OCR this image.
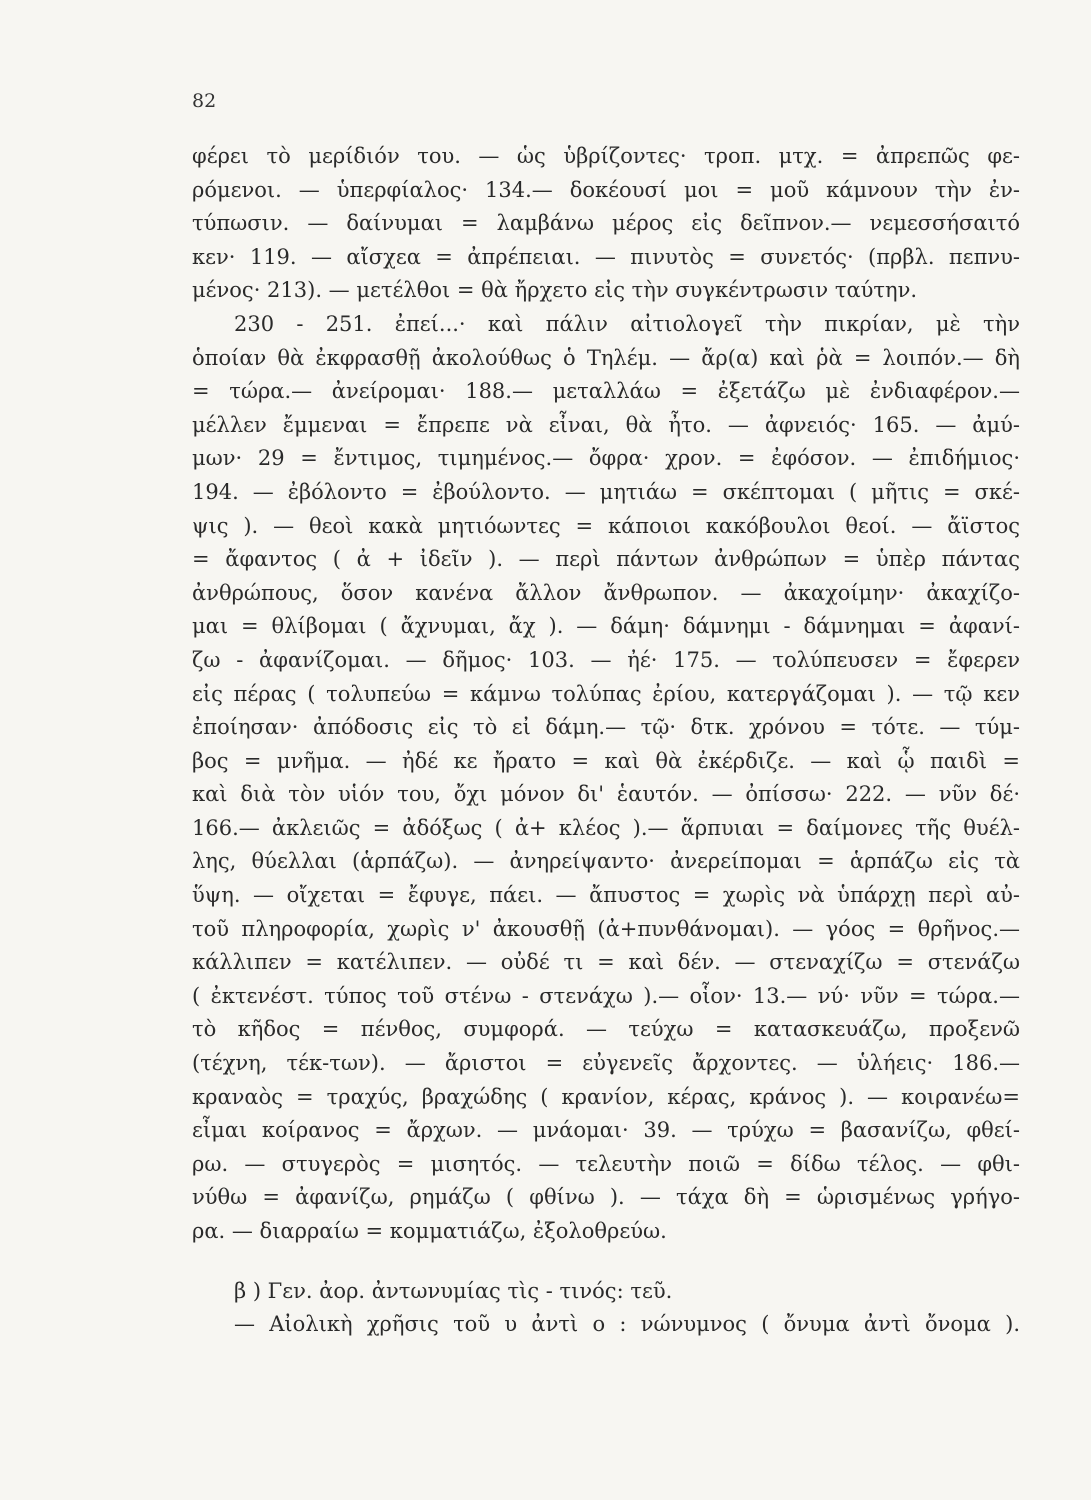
82
φέρει τὸ μερίδιόν του. — ὡς ὑβρίζοντες· τροπ. μτχ. = ἀπρεπῶς φε-
ρόμενοι. — ὑπερφίαλος· 134.— δοκέουσί μοι = μοῦ κάμνουν τὴν ἐν-
τύπωσιν. — δαίνυμαι = λαμβάνω μέρος εἰς δεῖπνον.— νεμεσσήσαιτό
κεν· 119. — αἴσχεα = ἀπρέπειαι. — πινυτὸς = συνετός· (πρβλ. πεπνυ-
μένος· 213). — μετέλθοι = θὰ ἤρχετο εἰς τὴν συγκέντρωσιν ταύτην.
230 - 251. ἐπεί...· καὶ πάλιν αἰτιολογεῖ τὴν πικρίαν, μὲ τὴν
ὁποίαν θὰ ἐκφρασθῇ ἀκολούθως ὁ Τηλέμ. — ἄρ(α) καὶ ῥὰ = λοιπόν.— δὴ
= τώρα.— ἀνείρομαι· 188.— μεταλλάω = ἐξετάζω μὲ ἐνδιαφέρον.—
μέλλεν ἔμμεναι = ἔπρεπε νὰ εἶναι, θὰ ἦτο. — ἀφνειός· 165. — ἀμύ-
μων· 29 = ἔντιμος, τιμημένος.— ὄφρα· χρον. = ἐφόσον. — ἐπιδήμιος·
194. — ἐβόλοντο = ἐβούλοντο. — μητιάω = σκέπτομαι ( μῆτις = σκέ-
ψις ). — θεοὶ κακὰ μητιόωντες = κάποιοι κακόβουλοι θεοί. — ἄϊστος
= ἄφαντος ( ἀ + ἰδεῖν ). — περὶ πάντων ἀνθρώπων = ὑπὲρ πάντας
ἀνθρώπους, ὅσον κανένα ἄλλον ἄνθρωπον. — ἀκαχοίμην· ἀκαχίζο-
μαι = θλίβομαι ( ἄχνυμαι, ἄχ ). — δάμη· δάμνημι - δάμνημαι = ἀφανί-
ζω - ἀφανίζομαι. — δῆμος· 103. — ἠέ· 175. — τολύπευσεν = ἔφερεν
εἰς πέρας ( τολυπεύω = κάμνω τολύπας ἐρίου, κατεργάζομαι ). — τῷ κεν
ἐποίησαν· ἀπόδοσις εἰς τὸ εἰ δάμη.— τῷ· δτκ. χρόνου = τότε. — τύμ-
βος = μνῆμα. — ἠδέ κε ἤρατο = καὶ θὰ ἐκέρδιζε. — καὶ ᾧ παιδὶ =
καὶ διὰ τὸν υἱόν του, ὄχι μόνον δι' ἑαυτόν. — ὀπίσσω· 222. — νῦν δέ·
166.— ἀκλειῶς = ἀδόξως ( ἀ+ κλέος ).— ἅρπυιαι = δαίμονες τῆς θυέλ-
λης, θύελλαι (ἁρπάζω). — ἀνηρείψαντο· ἀνερείπομαι = ἁρπάζω εἰς τὰ
ὕψη. — οἴχεται = ἔφυγε, πάει. — ἄπυστος = χωρὶς νὰ ὑπάρχῃ περὶ αὐ-
τοῦ πληροφορία, χωρὶς ν' ἀκουσθῇ (ἀ+πυνθάνομαι). — γόος = θρῆνος.—
κάλλιπεν = κατέλιπεν. — οὐδέ τι = καὶ δέν. — στεναχίζω = στενάζω
( ἐκτενέστ. τύπος τοῦ στένω - στενάχω ).— οἷον· 13.— νύ· νῦν = τώρα.—
τὸ κῆδος = πένθος, συμφορά. — τεύχω = κατασκευάζω, προξενῶ
(τέχνη, τέκ-των). — ἄριστοι = εὐγενεῖς ἄρχοντες. — ὑλήεις· 186.—
κραναὸς = τραχύς, βραχώδης ( κρανίον, κέρας, κράνος ). — κοιρανέω=
εἶμαι κοίρανος = ἄρχων. — μνάομαι· 39. — τρύχω = βασανίζω, φθεί-
ρω. — στυγερὸς = μισητός. — τελευτὴν ποιῶ = δίδω τέλος. — φθι-
νύθω = ἀφανίζω, ρημάζω ( φθίνω ). — τάχα δὴ = ὡρισμένως γρήγο-
ρα. — διαρραίω = κομματιάζω, ἐξολοθρεύω.
β ) Γεν. ἀορ. ἀντωνυμίας τὶς - τινός: τεῦ.
— Αἰολικὴ χρῆσις τοῦ υ ἀντὶ ο : νώνυμνος ( ὄνυμα ἀντὶ ὄνομα ).
